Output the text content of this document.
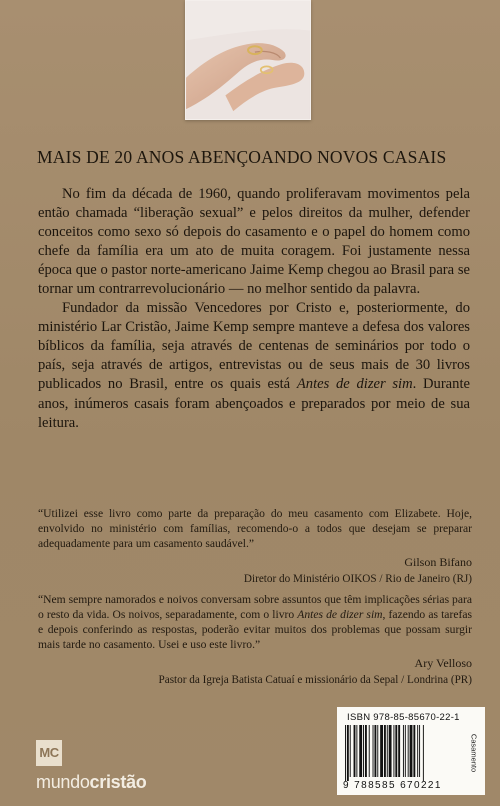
MAIS DE 20 ANOS ABENÇOANDO NOVOS CASAIS

No fim da década de 1960, quando proliferavam movimentos pela então chamada “liberação sexual” e pelos direitos da mulher, defender conceitos como sexo só depois do casamento e o papel do homem como chefe da família era um ato de muita coragem. Foi justamente nessa época que o pastor norte-americano Jaime Kemp chegou ao Brasil para se tornar um contrarrevolucionário — no melhor sentido da palavra.

Fundador da missão Vencedores por Cristo e, posteriormente, do ministério Lar Cristão, Jaime Kemp sempre manteve a defesa dos valores bíblicos da família, seja através de centenas de seminários por todo o país, seja através de artigos, entrevistas ou de seus mais de 30 livros publicados no Brasil, entre os quais está Antes de dizer sim. Durante anos, inúmeros casais foram abençoados e preparados por meio de sua leitura.

“Utilizei esse livro como parte da preparação do meu casamento com Elizabete. Hoje, envolvido no ministério com famílias, recomendo-o a todos que desejam se preparar adequadamente para um casamento saudável.”

Gilson Bifano
Diretor do Ministério OIKOS / Rio de Janeiro (RJ)

“Nem sempre namorados e noivos conversam sobre assuntos que têm implicações sérias para o resto da vida. Os noivos, separadamente, com o livro Antes de dizer sim, fazendo as tarefas e depois conferindo as respostas, poderão evitar muitos dos problemas que possam surgir mais tarde no casamento. Usei e uso este livro.”

Ary Velloso
Pastor da Igreja Batista Catuaí e missionário da Sepal / Londrina (PR)
MC
mundocristão
ISBN 978-85-85670-22-1
9 788585 670221
Casamento
